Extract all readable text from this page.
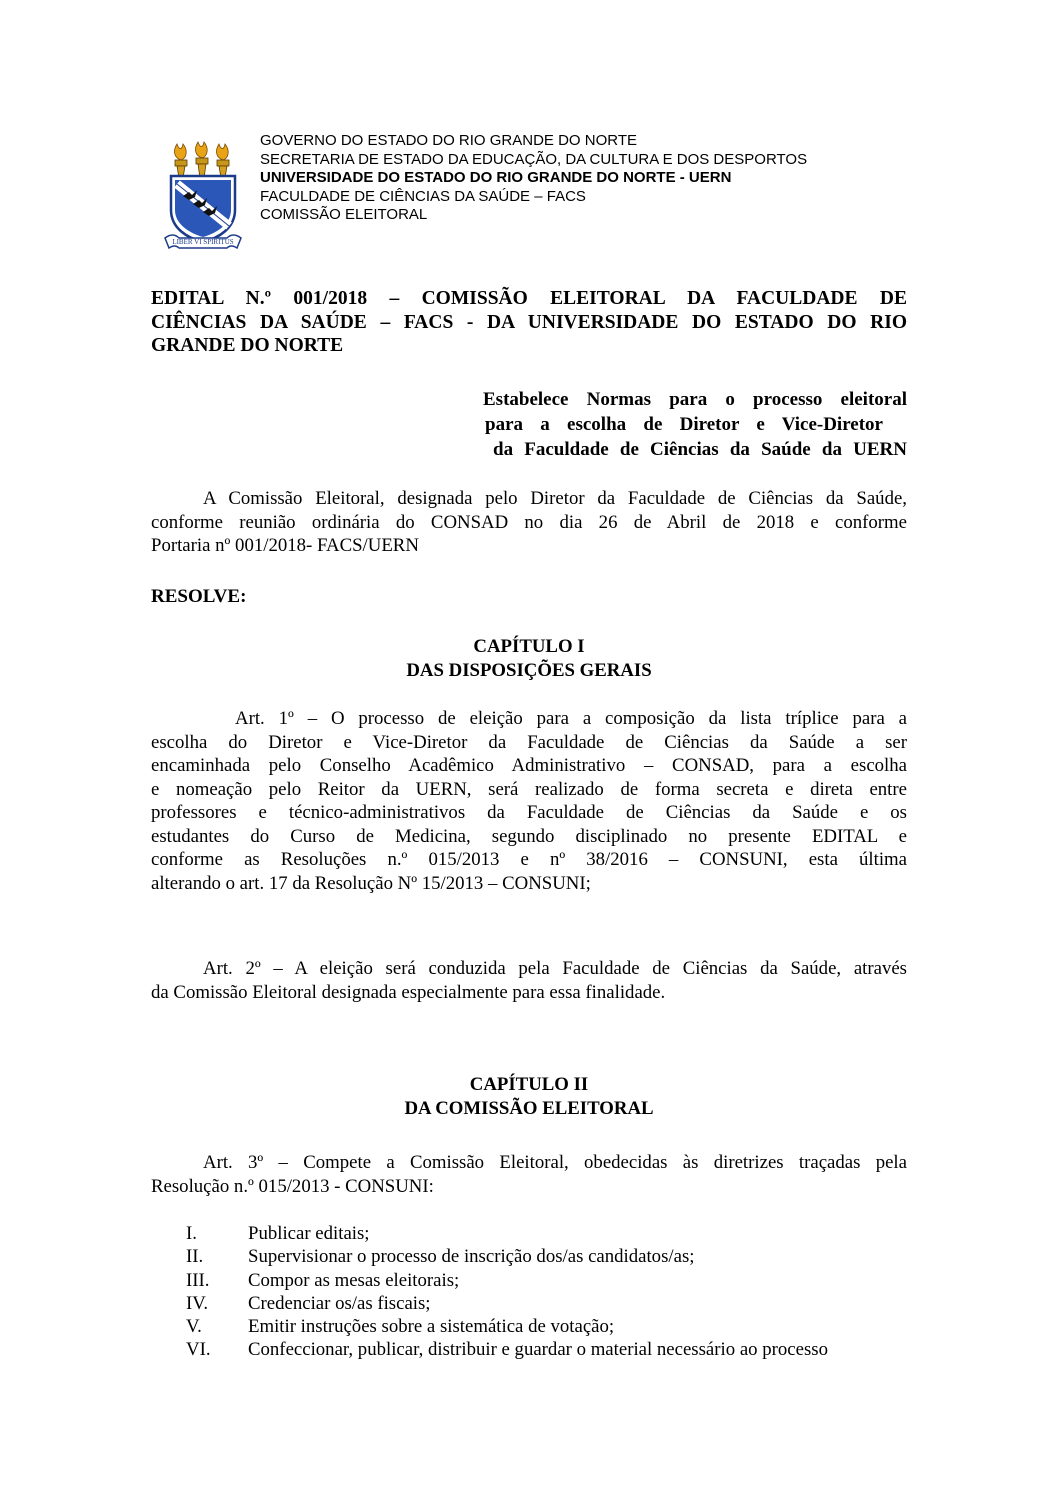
LIBER VI SPIRITUS
GOVERNO DO ESTADO DO RIO GRANDE DO NORTE
SECRETARIA DE ESTADO DA EDUCAÇÃO, DA CULTURA E DOS DESPORTOS
UNIVERSIDADE DO ESTADO DO RIO GRANDE DO NORTE - UERN
FACULDADE DE CIÊNCIAS DA SAÚDE – FACS
COMISSÃO ELEITORAL
EDITAL N.º 001/2018 – COMISSÃO ELEITORAL DA FACULDADE DE
CIÊNCIAS DA SAÚDE – FACS - DA UNIVERSIDADE DO ESTADO DO RIO
GRANDE DO NORTE
Estabelece Normas para o processo eleitoral
para a escolha de Diretor e Vice-Diretor
da Faculdade de Ciências da Saúde da UERN
A Comissão Eleitoral, designada pelo Diretor da Faculdade de Ciências da Saúde,
conforme reunião ordinária do CONSAD no dia 26 de Abril de 2018 e conforme
Portaria nº 001/2018- FACS/UERN
RESOLVE:
CAPÍTULO I
DAS DISPOSIÇÕES GERAIS
Art. 1º – O processo de eleição para a composição da lista tríplice para a
escolha do Diretor e Vice-Diretor da Faculdade de Ciências da Saúde a ser
encaminhada pelo Conselho Acadêmico Administrativo – CONSAD, para a escolha
e nomeação pelo Reitor da UERN, será realizado de forma secreta e direta entre
professores e técnico-administrativos da Faculdade de Ciências da Saúde e os
estudantes do Curso de Medicina, segundo disciplinado no presente EDITAL e
conforme as Resoluções n.º 015/2013 e nº 38/2016 – CONSUNI, esta última
alterando o art. 17 da Resolução Nº 15/2013 – CONSUNI;
Art. 2º – A eleição será conduzida pela Faculdade de Ciências da Saúde, através
da Comissão Eleitoral designada especialmente para essa finalidade.
CAPÍTULO II
DA COMISSÃO ELEITORAL
Art. 3º – Compete a Comissão Eleitoral, obedecidas às diretrizes traçadas pela
Resolução n.º 015/2013 - CONSUNI:
I.	Publicar editais;
II.	Supervisionar o processo de inscrição dos/as candidatos/as;
III.	Compor as mesas eleitorais;
IV.	Credenciar os/as fiscais;
V.	Emitir instruções sobre a sistemática de votação;
VI.	Confeccionar, publicar, distribuir e guardar o material necessário ao processo
